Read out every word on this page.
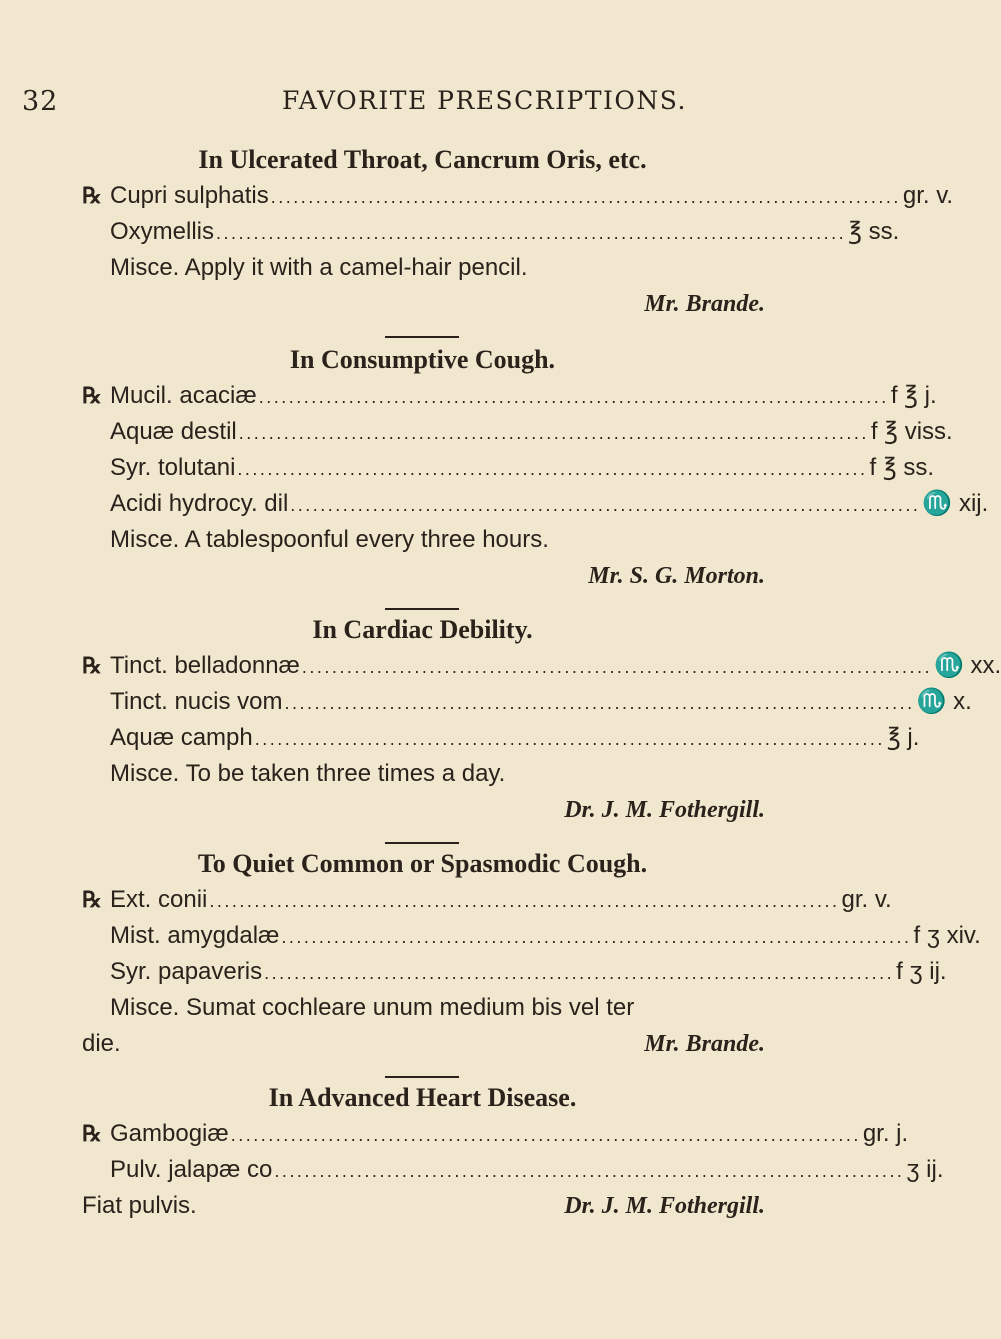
32	FAVORITE PRESCRIPTIONS.
In Ulcerated Throat, Cancrum Oris, etc.
℞ Cupri sulphatis .................................................................................... gr. v.
Oxymellis .................................................................................... ℥ ss.
Misce. Apply it with a camel-hair pencil.
Mr. Brande.
In Consumptive Cough.
℞ Mucil. acaciæ .................................................................................... f ℥ j.
Aquæ destil .................................................................................... f ℥ viss.
Syr. tolutani .................................................................................... f ℥ ss.
Acidi hydrocy. dil .................................................................................... ♏ xij.
Misce. A tablespoonful every three hours.
Mr. S. G. Morton.
In Cardiac Debility.
℞ Tinct. belladonnæ .................................................................................... ♏ xx.
Tinct. nucis vom .................................................................................... ♏ x.
Aquæ camph .................................................................................... ℥ j.
Misce. To be taken three times a day.
Dr. J. M. Fothergill.
To Quiet Common or Spasmodic Cough.
℞ Ext. conii .................................................................................... gr. v.
Mist. amygdalæ .................................................................................... f ʒ xiv.
Syr. papaveris .................................................................................... f ʒ ij.
Misce. Sumat cochleare unum medium bis vel ter
die.	Mr. Brande.
In Advanced Heart Disease.
℞ Gambogiæ .................................................................................... gr. j.
Pulv. jalapæ co .................................................................................... ʒ ij.
Fiat pulvis.	Dr. J. M. Fothergill.
